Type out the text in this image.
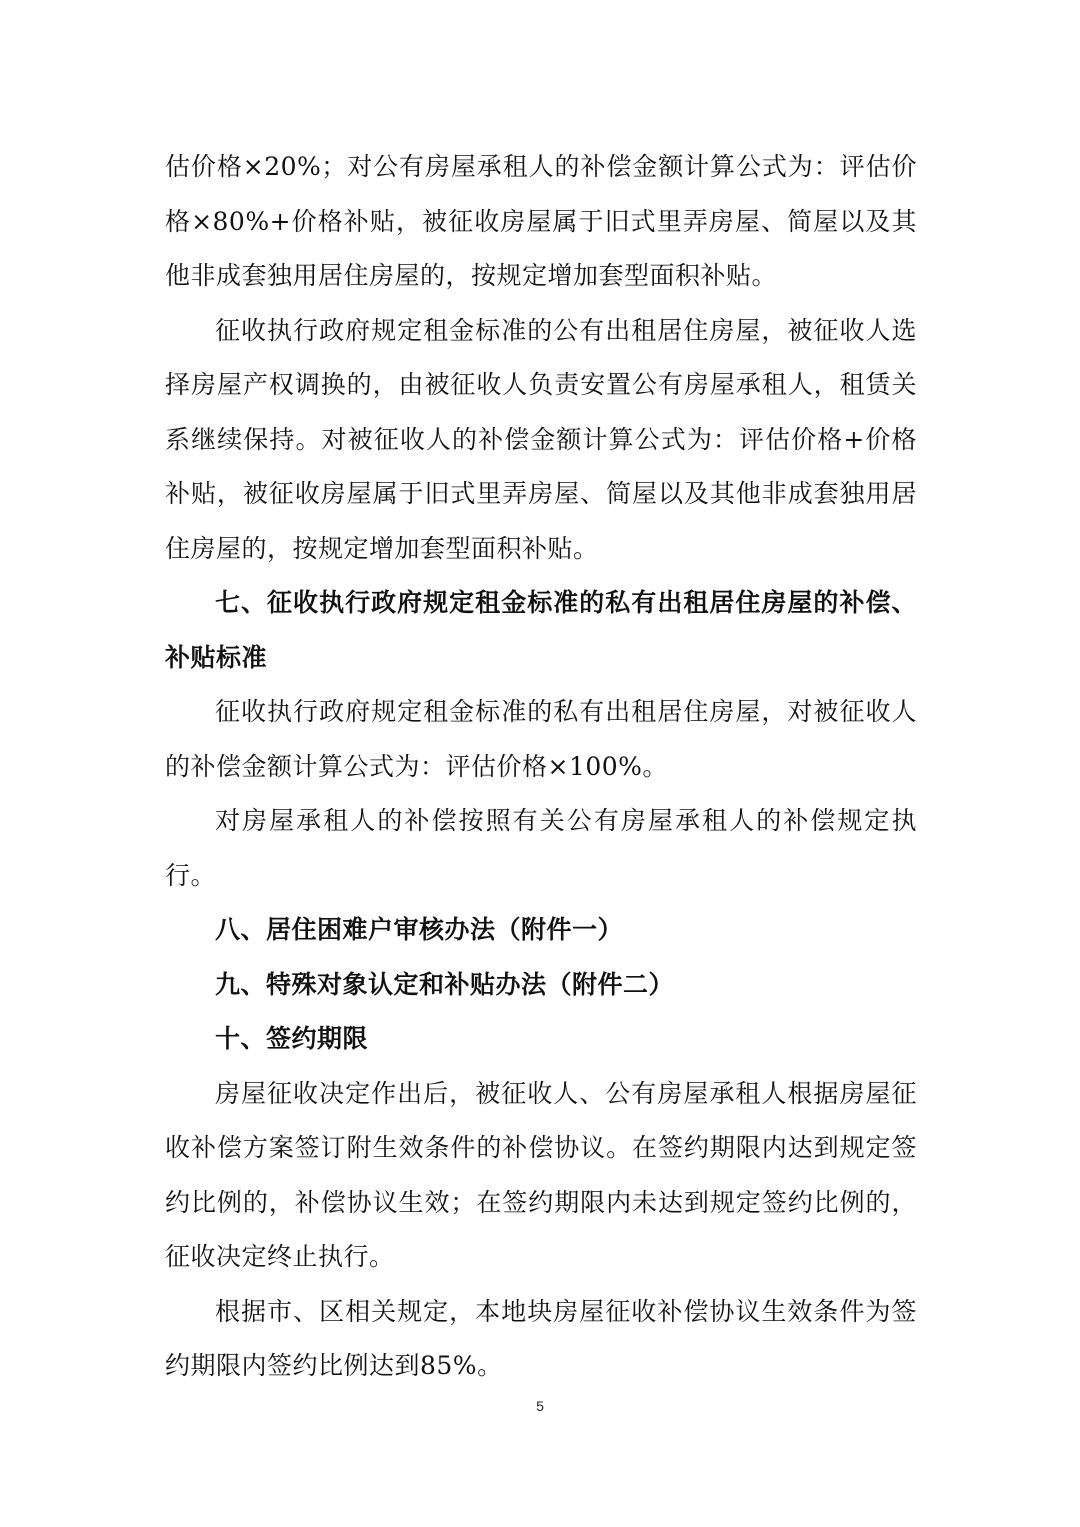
估价格×20%；对公有房屋承租人的补偿金额计算公式为：评估价格×80%+价格补贴，被征收房屋属于旧式里弄房屋、简屋以及其他非成套独用居住房屋的，按规定增加套型面积补贴。

征收执行政府规定租金标准的公有出租居住房屋，被征收人选择房屋产权调换的，由被征收人负责安置公有房屋承租人，租赁关系继续保持。对被征收人的补偿金额计算公式为：评估价格+价格补贴，被征收房屋属于旧式里弄房屋、简屋以及其他非成套独用居住房屋的，按规定增加套型面积补贴。

七、征收执行政府规定租金标准的私有出租居住房屋的补偿、补贴标准

征收执行政府规定租金标准的私有出租居住房屋，对被征收人的补偿金额计算公式为：评估价格×100%。

对房屋承租人的补偿按照有关公有房屋承租人的补偿规定执行。

八、居住困难户审核办法（附件一）

九、特殊对象认定和补贴办法（附件二）

十、签约期限

房屋征收决定作出后，被征收人、公有房屋承租人根据房屋征收补偿方案签订附生效条件的补偿协议。在签约期限内达到规定签约比例的，补偿协议生效；在签约期限内未达到规定签约比例的，征收决定终止执行。

根据市、区相关规定，本地块房屋征收补偿协议生效条件为签约期限内签约比例达到85%。

5
